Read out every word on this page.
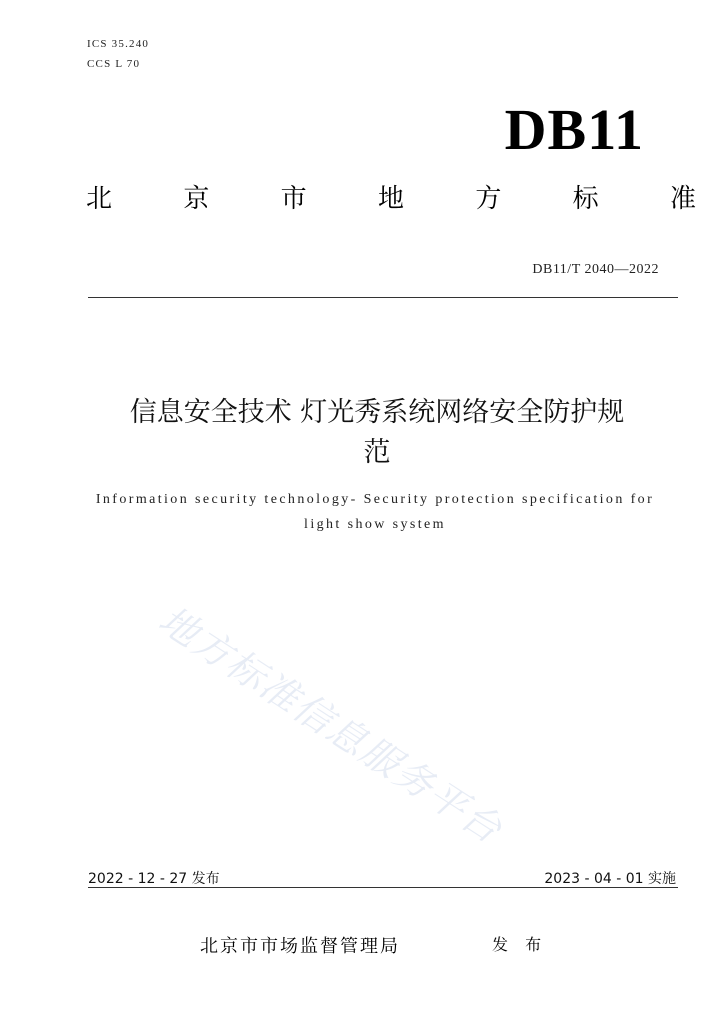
ICS 35.240
CCS L 70
DB11
北	京	市	地	方	标	准
DB11/T 2040—2022
信息安全技术 灯光秀系统网络安全防护规
范
Information security technology- Security protection specification for
light show system
地方标准信息服务平台
2022 - 12 - 27 发布	2023 - 04 - 01 实施
北京市市场监督管理局	发 布
